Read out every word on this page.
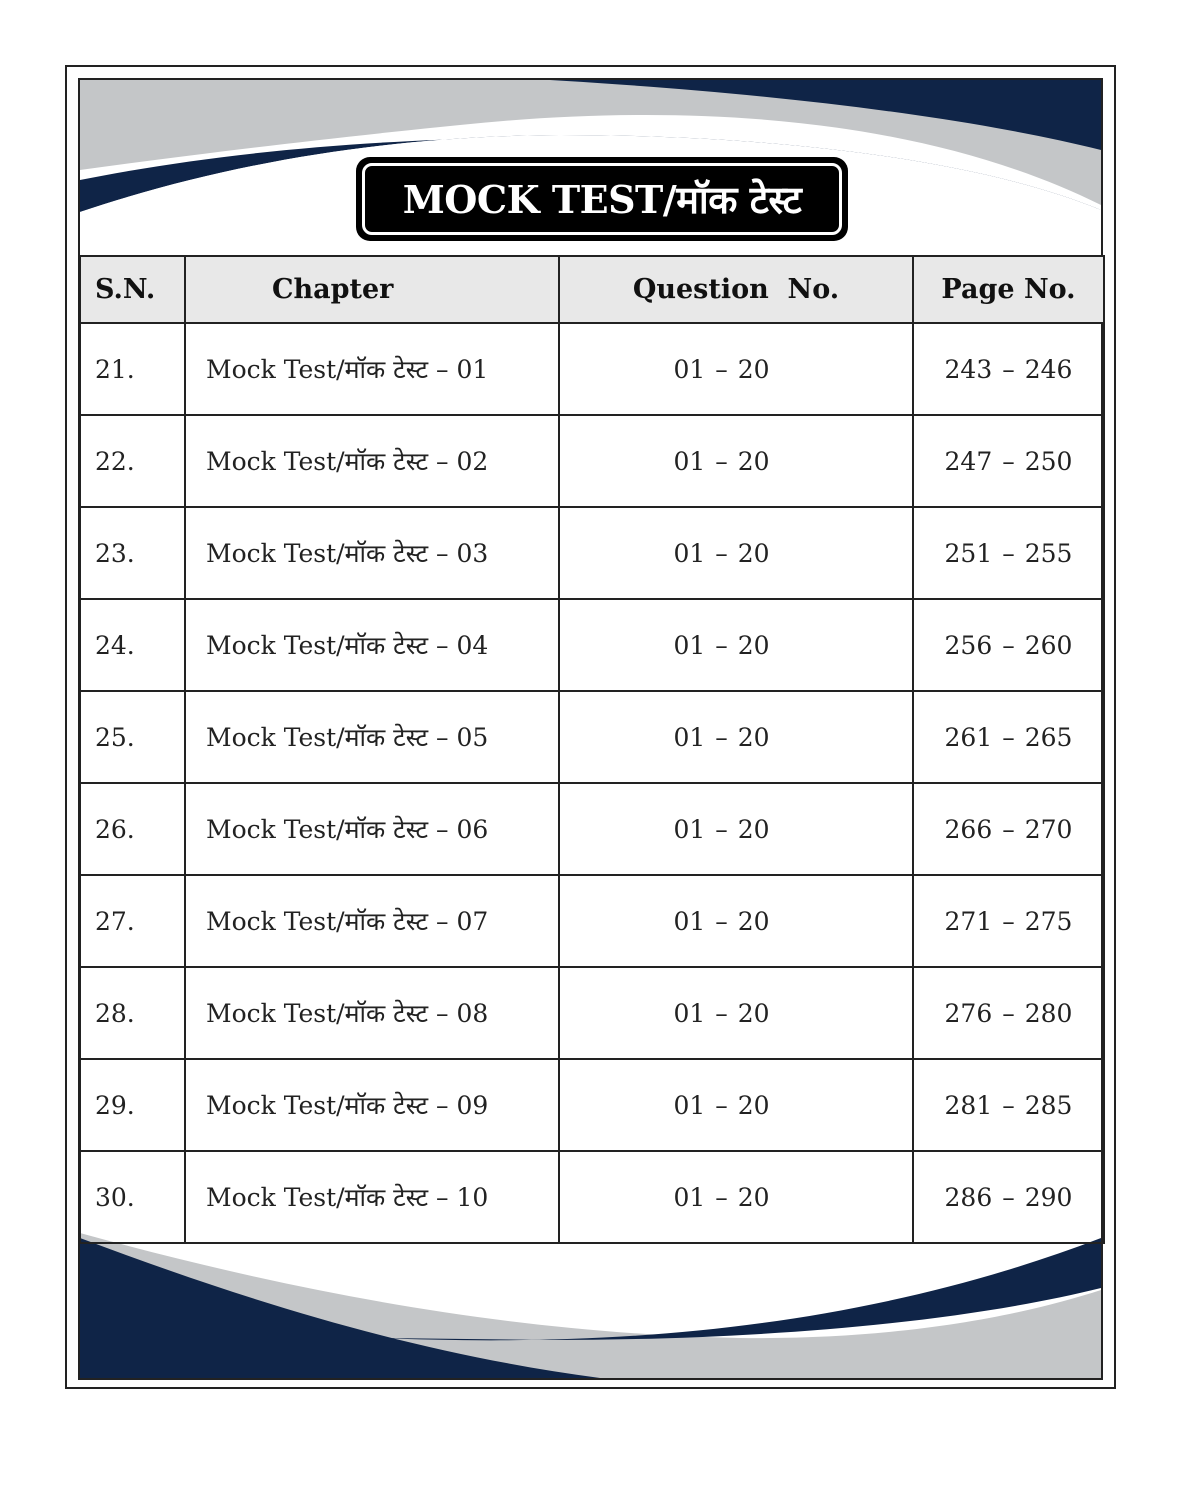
MOCK TEST/मॉक टेस्ट
S.N.	Chapter	Question  No.	Page No.
21.	Mock Test/मॉक टेस्ट – 01	01 – 20	243 – 246
22.	Mock Test/मॉक टेस्ट – 02	01 – 20	247 – 250
23.	Mock Test/मॉक टेस्ट – 03	01 – 20	251 – 255
24.	Mock Test/मॉक टेस्ट – 04	01 – 20	256 – 260
25.	Mock Test/मॉक टेस्ट – 05	01 – 20	261 – 265
26.	Mock Test/मॉक टेस्ट – 06	01 – 20	266 – 270
27.	Mock Test/मॉक टेस्ट – 07	01 – 20	271 – 275
28.	Mock Test/मॉक टेस्ट – 08	01 – 20	276 – 280
29.	Mock Test/मॉक टेस्ट – 09	01 – 20	281 – 285
30.	Mock Test/मॉक टेस्ट – 10	01 – 20	286 – 290
